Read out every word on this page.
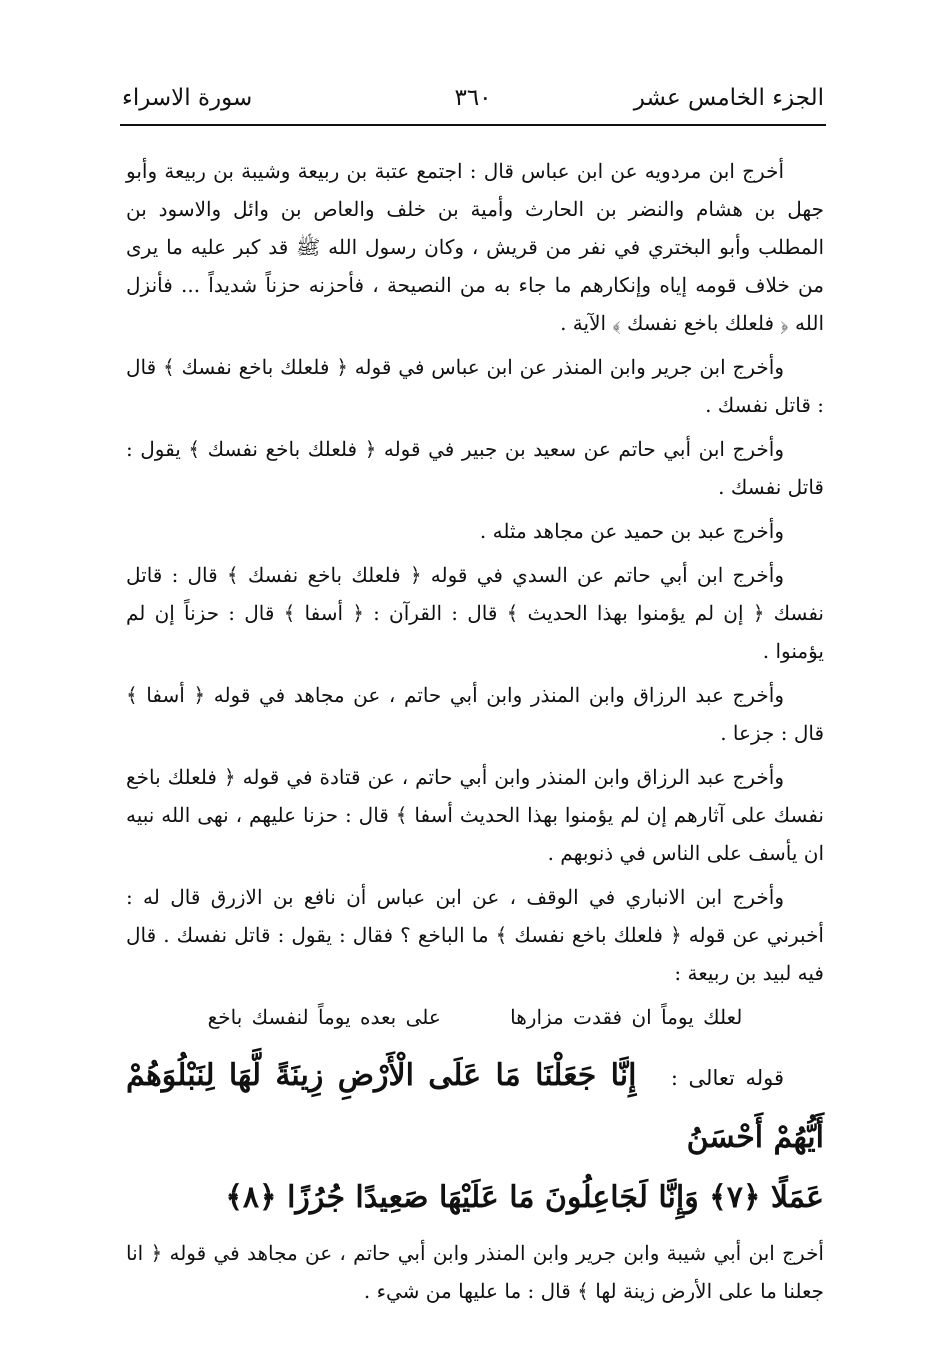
الجزء الخامس عشر
٣٦٠
سورة الاسراء

أخرج ابن مردويه عن ابن عباس قال : اجتمع عتبة بن ربيعة وشيبة بن ربيعة وأبو جهل بن هشام والنضر بن الحارث وأمية بن خلف والعاص بن وائل والاسود بن المطلب وأبو البختري في نفر من قريش ، وكان رسول الله ﷺ قد كبر عليه ما يرى من خلاف قومه إياه وإنكارهم ما جاء به من النصيحة ، فأحزنه حزناً شديداً ... فأنزل الله ﴿ فلعلك باخع نفسك ﴾ الآية .

وأخرج ابن جرير وابن المنذر عن ابن عباس في قوله ﴿ فلعلك باخع نفسك ﴾ قال : قاتل نفسك .

وأخرج ابن أبي حاتم عن سعيد بن جبير في قوله ﴿ فلعلك باخع نفسك ﴾ يقول : قاتل نفسك .

وأخرج عبد بن حميد عن مجاهد مثله .

وأخرج ابن أبي حاتم عن السدي في قوله ﴿ فلعلك باخع نفسك ﴾ قال : قاتل نفسك ﴿ إن لم يؤمنوا بهذا الحديث ﴾ قال : القرآن : ﴿ أسفا ﴾ قال : حزناً إن لم يؤمنوا .

وأخرج عبد الرزاق وابن المنذر وابن أبي حاتم ، عن مجاهد في قوله ﴿ أسفا ﴾ قال : جزعا .

وأخرج عبد الرزاق وابن المنذر وابن أبي حاتم ، عن قتادة في قوله ﴿ فلعلك باخع نفسك على آثارهم إن لم يؤمنوا بهذا الحديث أسفا ﴾ قال : حزنا عليهم ، نهى الله نبيه ان يأسف على الناس في ذنوبهم .

وأخرج ابن الانباري في الوقف ، عن ابن عباس أن نافع بن الازرق قال له : أخبرني عن قوله ﴿ فلعلك باخع نفسك ﴾ ما الباخع ؟ فقال : يقول : قاتل نفسك . قال فيه لبيد بن ربيعة :

لعلك يوماً ان فقدت مزارها على بعده يوماً لنفسك باخع
قوله تعالى : إِنَّا جَعَلْنَا مَا عَلَى الْأَرْضِ زِينَةً لَّهَا لِنَبْلُوَهُمْ أَيُّهُمْ أَحْسَنُ
عَمَلًا ﴿٧﴾ وَإِنَّا لَجَاعِلُونَ مَا عَلَيْهَا صَعِيدًا جُرُزًا ﴿٨﴾

أخرج ابن أبي شيبة وابن جرير وابن المنذر وابن أبي حاتم ، عن مجاهد في قوله ﴿ انا جعلنا ما على الأرض زينة لها ﴾ قال : ما عليها من شيء .
